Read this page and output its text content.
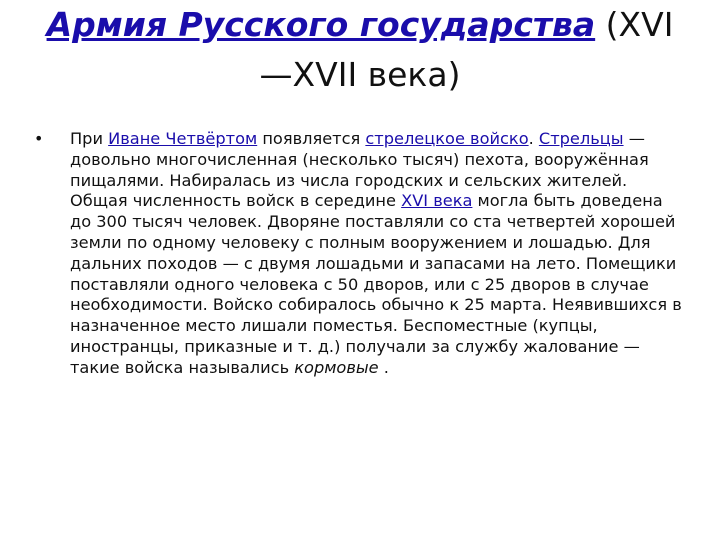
Армия Русского государства (XVI
—XVII века)
•	При Иване Четвёртом появляется стрелецкое войско. Стрельцы — довольно многочисленная (несколько тысяч) пехота, вооружённая пищалями. Набиралась из числа городских и сельских жителей. Общая численность войск в середине XVI века могла быть доведена до 300 тысяч человек. Дворяне поставляли со ста четвертей хорошей земли по одному человеку с полным вооружением и лошадью. Для дальних походов — с двумя лошадьми и запасами на лето. Помещики поставляли одного человека с 50 дворов, или с 25 дворов в случае необходимости. Войско собиралось обычно к 25 марта. Неявившихся в назначенное место лишали поместья. Беспоместные (купцы, иностранцы, приказные и т. д.) получали за службу жалование — такие войска назывались кормовые .
